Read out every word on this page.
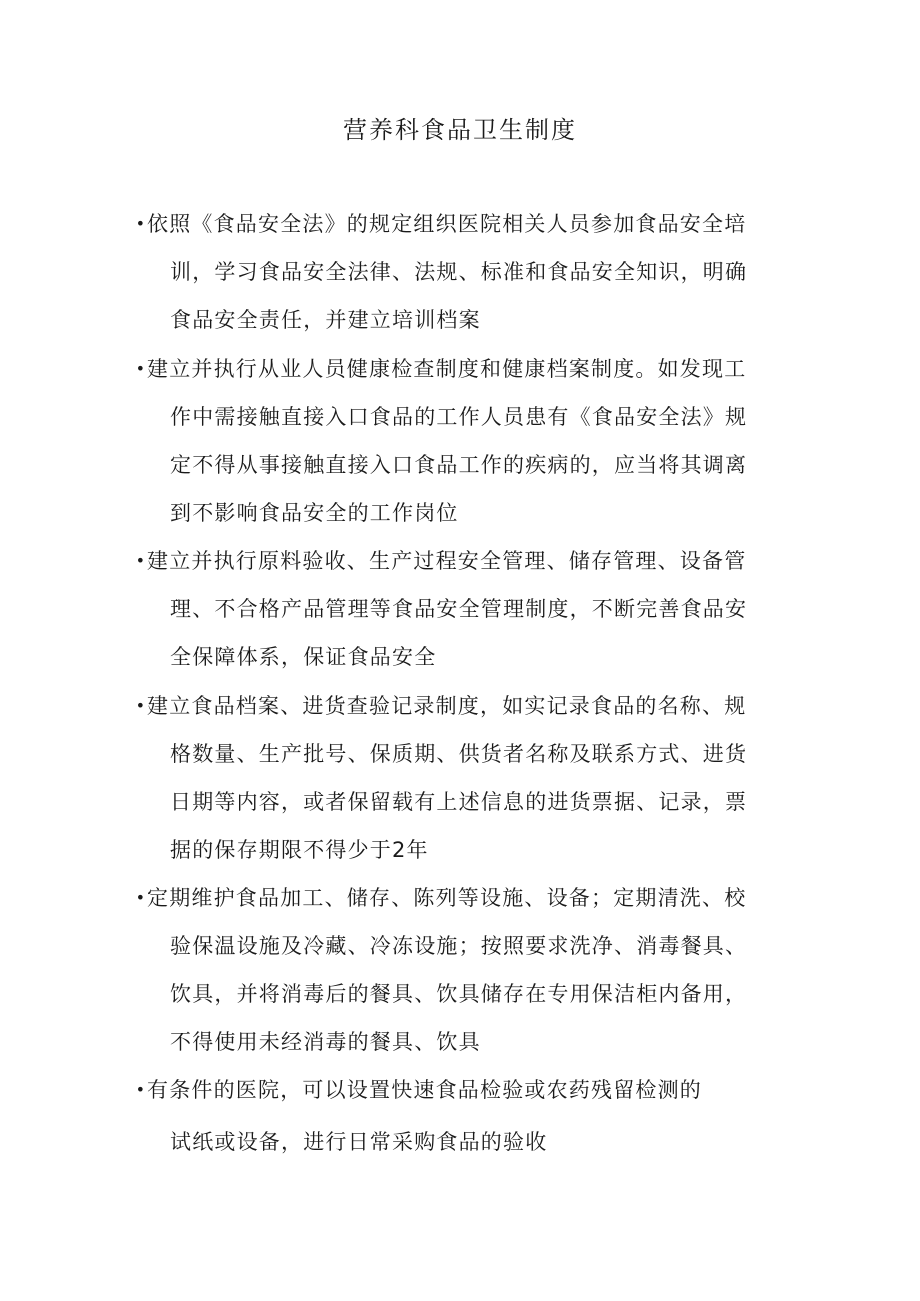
营养科食品卫生制度
•依照《食品安全法》的规定组织医院相关人员参加食品安全培
训，学习食品安全法律、法规、标准和食品安全知识，明确
食品安全责任，并建立培训档案
•建立并执行从业人员健康检查制度和健康档案制度。如发现工
作中需接触直接入口食品的工作人员患有《食品安全法》规
定不得从事接触直接入口食品工作的疾病的，应当将其调离
到不影响食品安全的工作岗位
•建立并执行原料验收、生产过程安全管理、储存管理、设备管
理、不合格产品管理等食品安全管理制度，不断完善食品安
全保障体系，保证食品安全
•建立食品档案、进货查验记录制度，如实记录食品的名称、规
格数量、生产批号、保质期、供货者名称及联系方式、进货
日期等内容，或者保留载有上述信息的进货票据、记录，票
据的保存期限不得少于2年
•定期维护食品加工、储存、陈列等设施、设备；定期清洗、校
验保温设施及冷藏、冷冻设施；按照要求洗净、消毒餐具、
饮具，并将消毒后的餐具、饮具储存在专用保洁柜内备用，
不得使用未经消毒的餐具、饮具
•有条件的医院，可以设置快速食品检验或农药残留检测的
试纸或设备，进行日常采购食品的验收
